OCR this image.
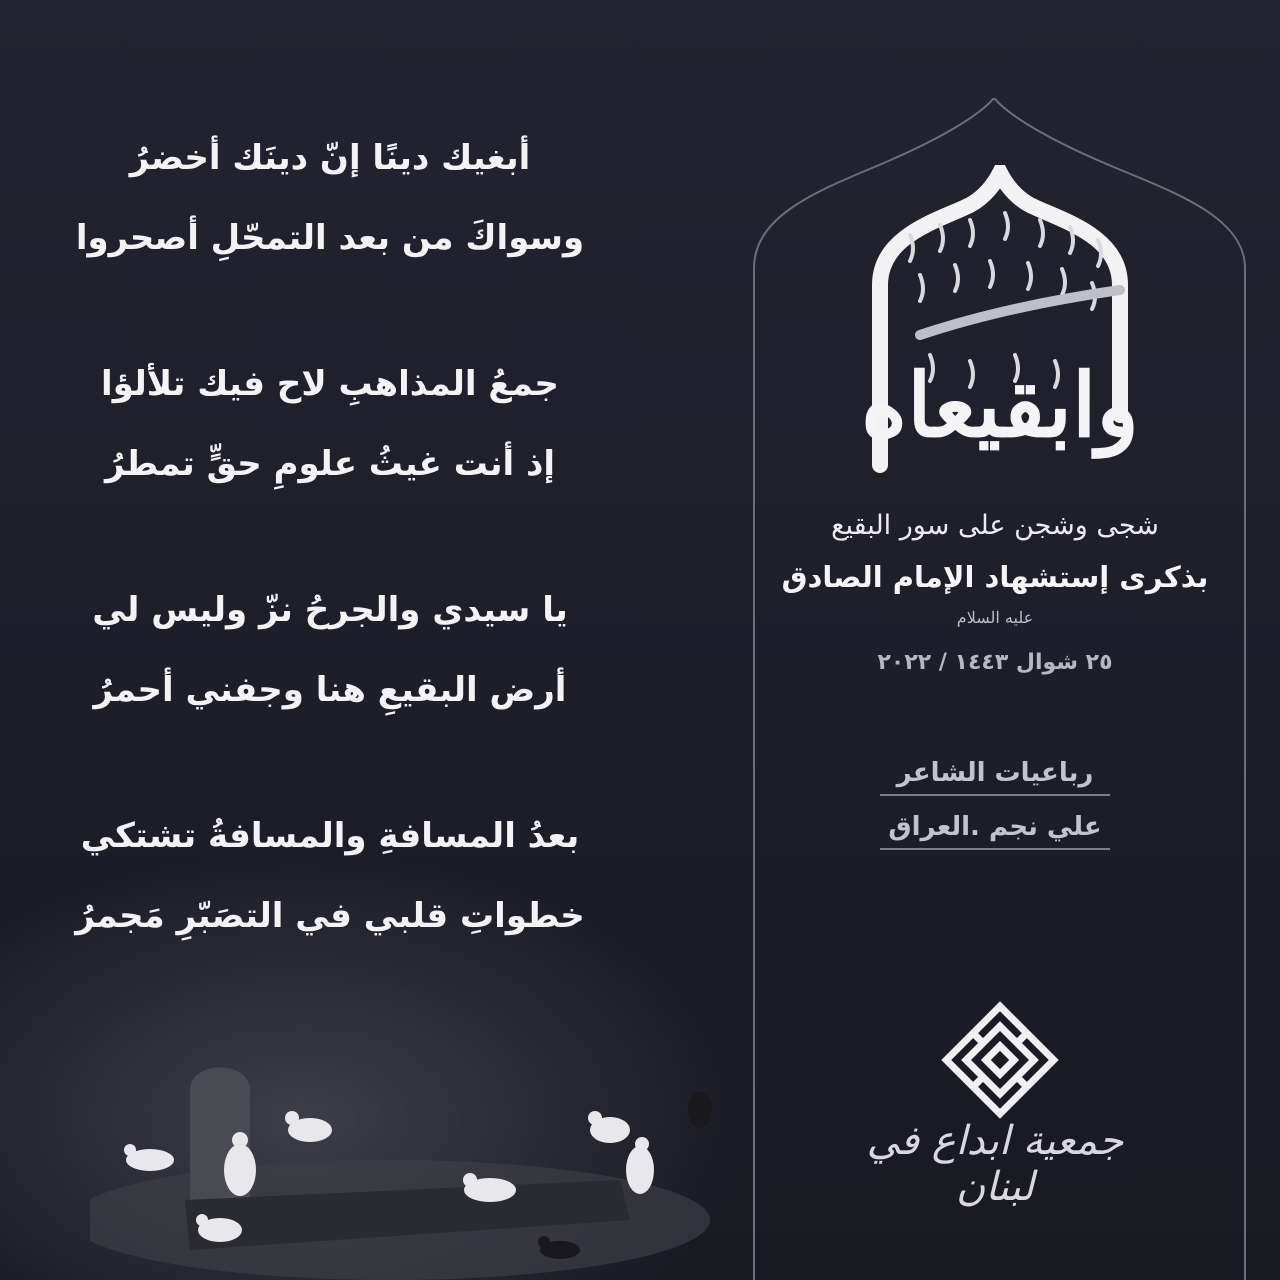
أبغيك دينًا إنّ دينَك أخضرُ
وسواكَ من بعد التمحّلِ أصحروا
جمعُ المذاهبِ لاح فيك تلألؤا
إذ أنت غيثُ علومِ حقٍّ تمطرُ
يا سيدي والجرحُ نزّ وليس لي
أرض البقيعِ هنا وجفني أحمرُ
بعدُ المسافةِ والمسافةُ تشتكي
خطواتِ قلبي في التصَبّرِ مَجمرُ
وابقيعاه
شجى وشجن على سور البقيع
بذكرى إستشهاد الإمام الصادق
عليه السلام
٢٥ شوال ١٤٤٣ / ٢٠٢٢
رباعيات الشاعر
علي نجم .العراق
جمعية ابداع في لبنان
